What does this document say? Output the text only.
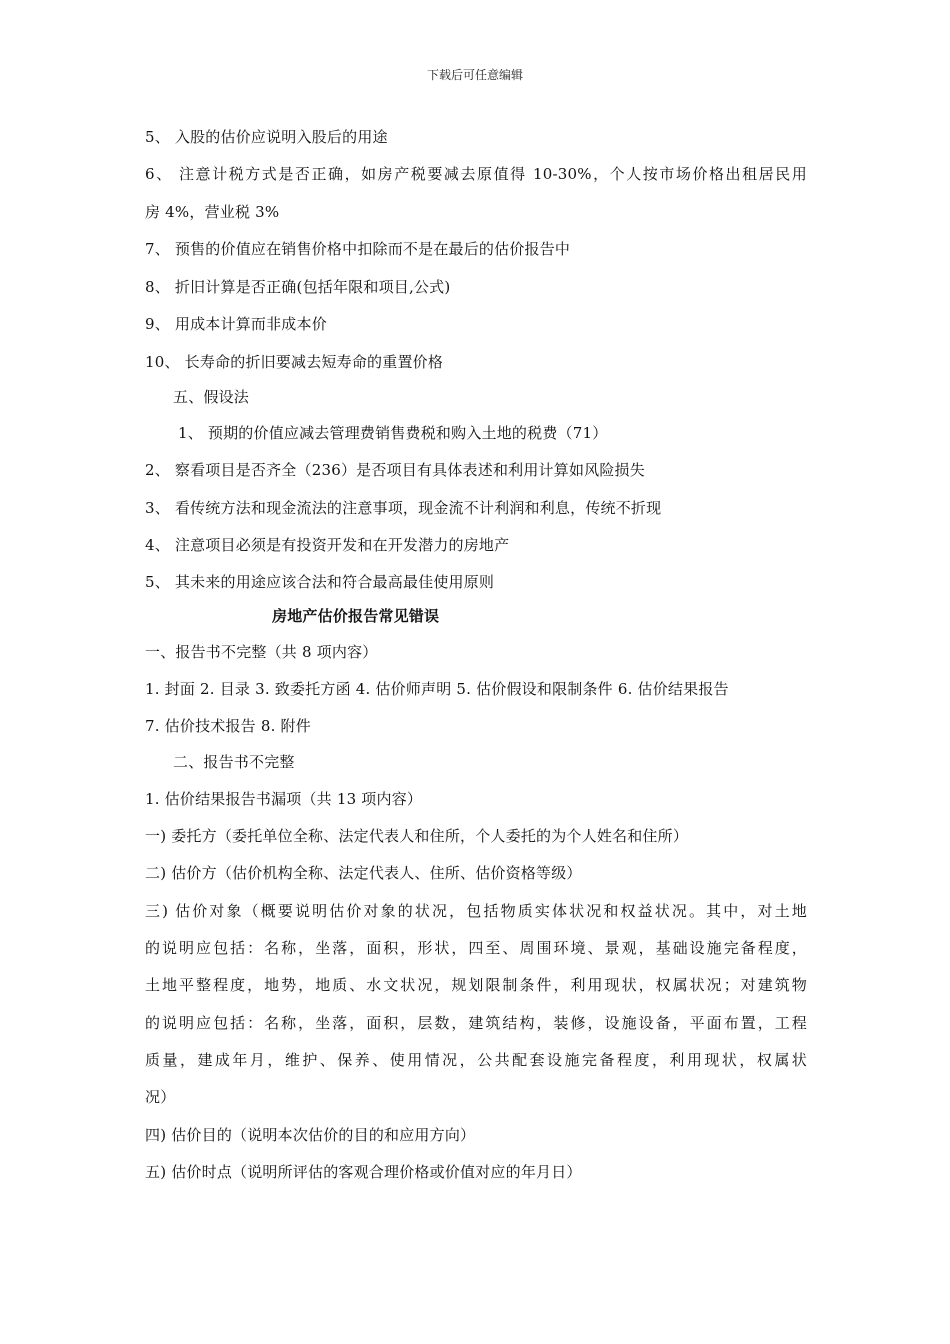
下载后可任意编辑
5、 入股的估价应说明入股后的用途
6、 注意计税方式是否正确，如房产税要减去原值得 10-30%，个人按市场价格出租居民用
房 4%，营业税 3%
7、 预售的价值应在销售价格中扣除而不是在最后的估价报告中
8、 折旧计算是否正确(包括年限和项目,公式)
9、 用成本计算而非成本价
10、 长寿命的折旧要减去短寿命的重置价格
五、假设法
1、 预期的价值应减去管理费销售费税和购入土地的税费（71）
2、 察看项目是否齐全（236）是否项目有具体表述和利用计算如风险损失
3、 看传统方法和现金流法的注意事项，现金流不计利润和利息，传统不折现
4、 注意项目必须是有投资开发和在开发潜力的房地产
5、 其未来的用途应该合法和符合最高最佳使用原则
房地产估价报告常见错误
一、报告书不完整（共 8 项内容）
1. 封面 2. 目录 3. 致委托方函 4. 估价师声明 5. 估价假设和限制条件 6. 估价结果报告
7. 估价技术报告 8. 附件
二、报告书不完整
1. 估价结果报告书漏项（共 13 项内容）
一) 委托方（委托单位全称、法定代表人和住所，个人委托的为个人姓名和住所）
二) 估价方（估价机构全称、法定代表人、住所、估价资格等级）
三) 估价对象（概要说明估价对象的状况，包括物质实体状况和权益状况。其中，对土地
的说明应包括：名称，坐落，面积，形状，四至、周围环境、景观，基础设施完备程度，
土地平整程度，地势，地质、水文状况，规划限制条件，利用现状，权属状况；对建筑物
的说明应包括：名称，坐落，面积，层数，建筑结构，装修，设施设备，平面布置，工程
质量，建成年月，维护、保养、使用情况，公共配套设施完备程度，利用现状，权属状
况）
四) 估价目的（说明本次估价的目的和应用方向）
五) 估价时点（说明所评估的客观合理价格或价值对应的年月日）
